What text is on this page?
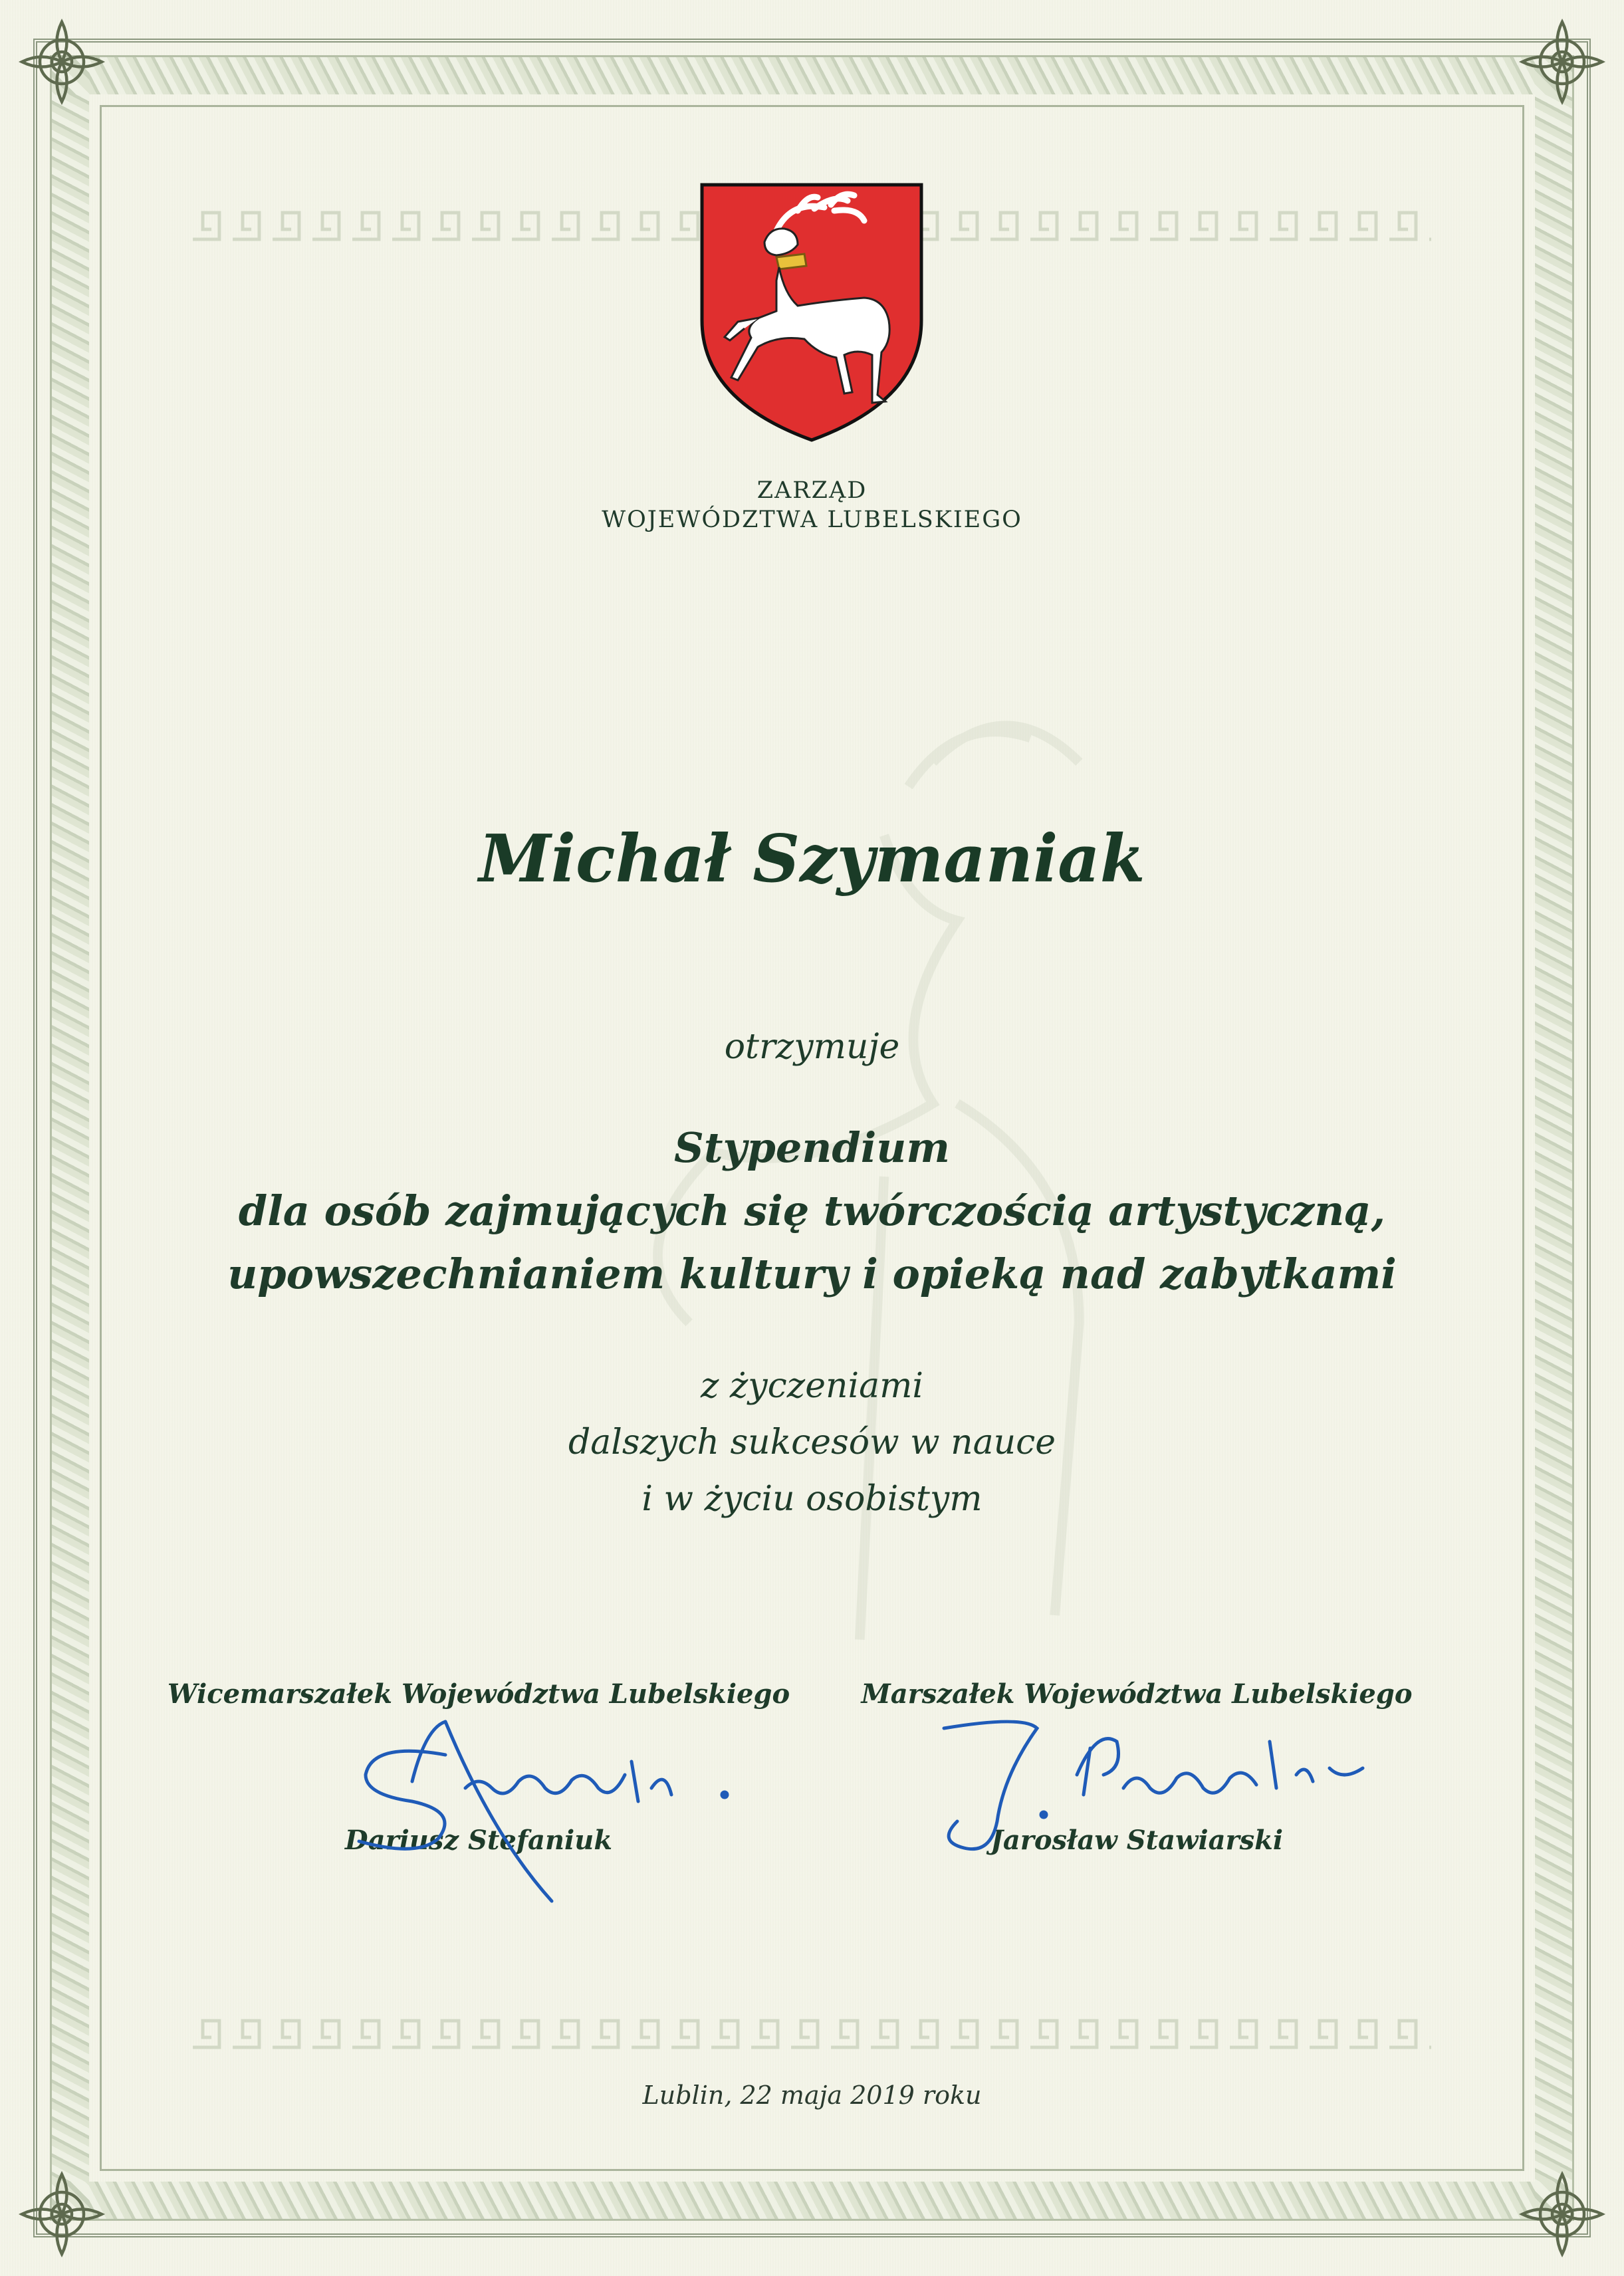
ZARZĄD
WOJEWÓDZTWA LUBELSKIEGO
Michał Szymaniak
otrzymuje
Stypendium
dla osób zajmujących się twórczością artystyczną,
upowszechnianiem kultury i opieką nad zabytkami
z życzeniami
dalszych sukcesów w nauce
i w życiu osobistym
Wicemarszałek Województwa Lubelskiego
Dariusz Stefaniuk
Marszałek Województwa Lubelskiego
Jarosław Stawiarski
Lublin, 22 maja 2019 roku
